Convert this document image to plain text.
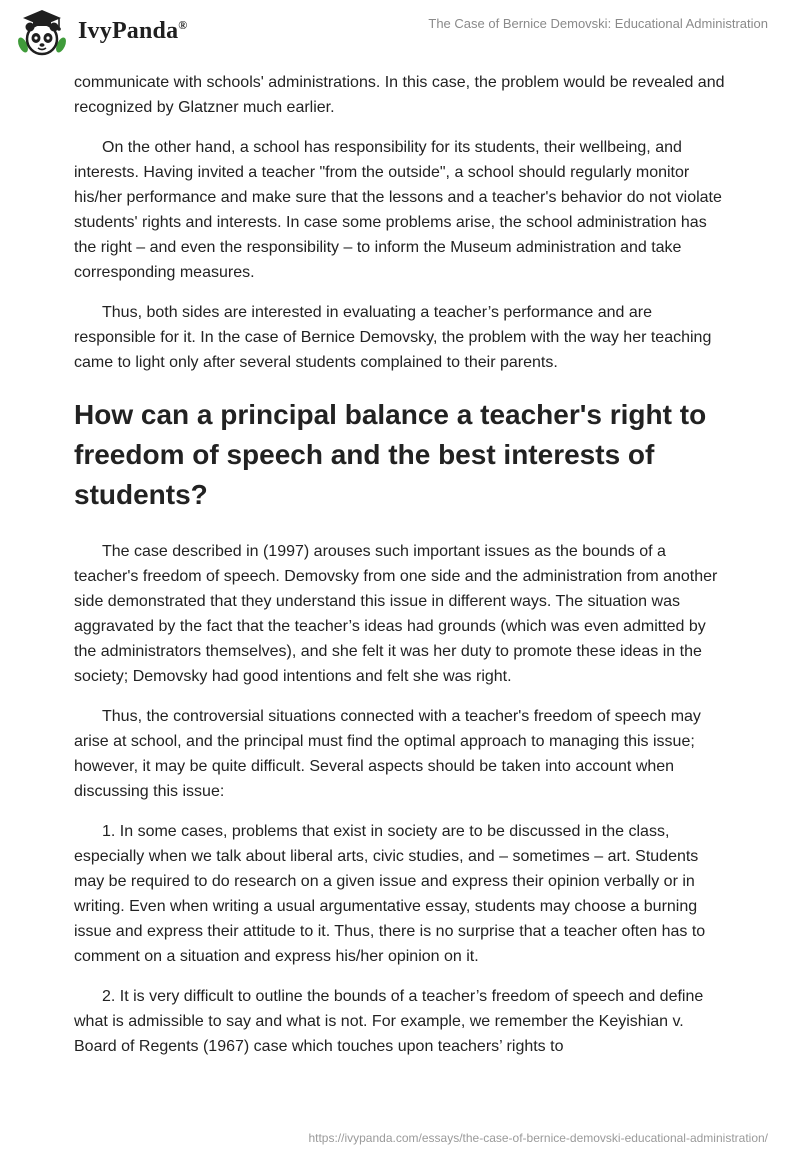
IvyPanda®	The Case of Bernice Demovski: Educational Administration

communicate with schools' administrations. In this case, the problem would be revealed and recognized by Glatzner much earlier.

On the other hand, a school has responsibility for its students, their wellbeing, and interests. Having invited a teacher "from the outside", a school should regularly monitor his/her performance and make sure that the lessons and a teacher's behavior do not violate students' rights and interests. In case some problems arise, the school administration has the right – and even the responsibility – to inform the Museum administration and take corresponding measures.

Thus, both sides are interested in evaluating a teacher’s performance and are responsible for it. In the case of Bernice Demovsky, the problem with the way her teaching came to light only after several students complained to their parents.

How can a principal balance a teacher's right to freedom of speech and the best interests of students?

The case described in (1997) arouses such important issues as the bounds of a teacher's freedom of speech. Demovsky from one side and the administration from another side demonstrated that they understand this issue in different ways. The situation was aggravated by the fact that the teacher’s ideas had grounds (which was even admitted by the administrators themselves), and she felt it was her duty to promote these ideas in the society; Demovsky had good intentions and felt she was right.

Thus, the controversial situations connected with a teacher's freedom of speech may arise at school, and the principal must find the optimal approach to managing this issue; however, it may be quite difficult. Several aspects should be taken into account when discussing this issue:

1. In some cases, problems that exist in society are to be discussed in the class, especially when we talk about liberal arts, civic studies, and – sometimes – art. Students may be required to do research on a given issue and express their opinion verbally or in writing. Even when writing a usual argumentative essay, students may choose a burning issue and express their attitude to it. Thus, there is no surprise that a teacher often has to comment on a situation and express his/her opinion on it.

2. It is very difficult to outline the bounds of a teacher’s freedom of speech and define what is admissible to say and what is not. For example, we remember the Keyishian v. Board of Regents (1967) case which touches upon teachers’ rights to

https://ivypanda.com/essays/the-case-of-bernice-demovski-educational-administration/
